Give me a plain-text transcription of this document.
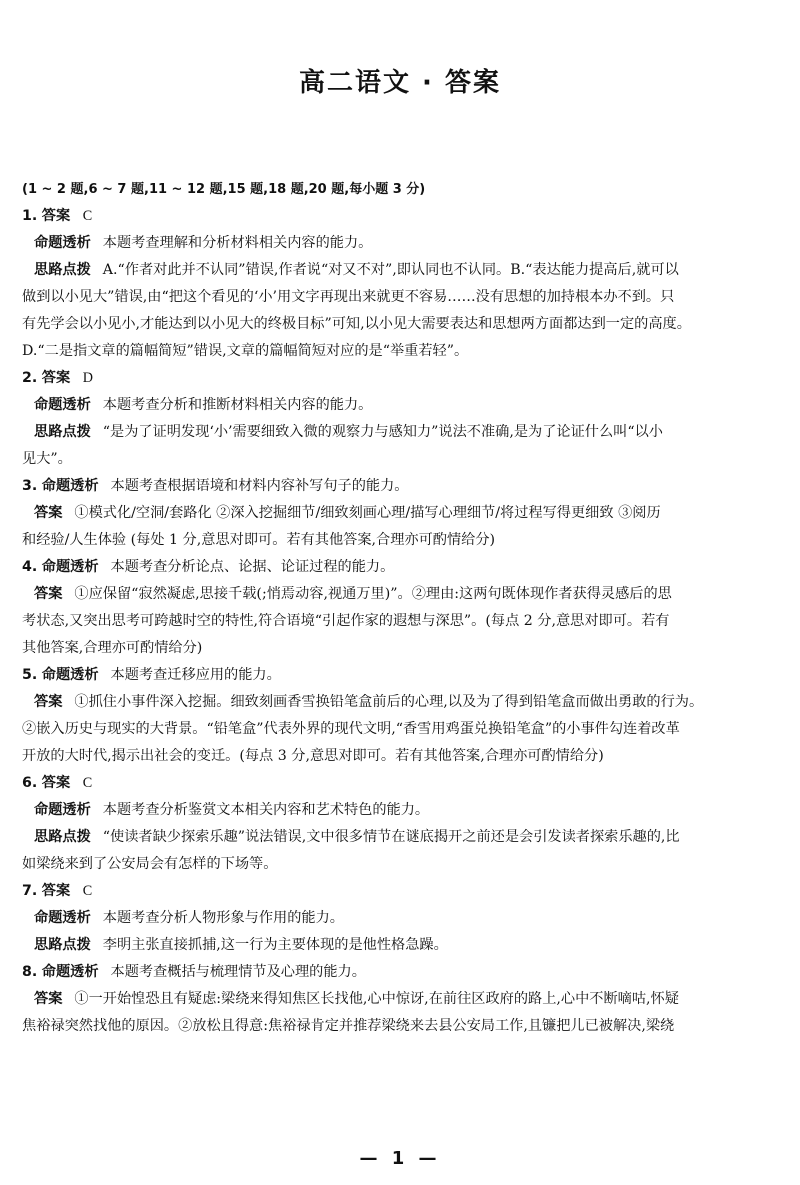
高二语文 · 答案
(1 ~ 2 题,6 ~ 7 题,11 ~ 12 题,15 题,18 题,20 题,每小题 3 分)
1. 答案 C
命题透析 本题考查理解和分析材料相关内容的能力。
思路点拨 A.“作者对此并不认同”错误,作者说“对又不对”,即认同也不认同。B.“表达能力提高后,就可以
做到以小见大”错误,由“把这个看见的‘小’用文字再现出来就更不容易……没有思想的加持根本办不到。只
有先学会以小见小,才能达到以小见大的终极目标”可知,以小见大需要表达和思想两方面都达到一定的高度。
D.“二是指文章的篇幅简短”错误,文章的篇幅简短对应的是“举重若轻”。
2. 答案 D
命题透析 本题考查分析和推断材料相关内容的能力。
思路点拨 “是为了证明发现‘小’需要细致入微的观察力与感知力”说法不准确,是为了论证什么叫“以小
见大”。
3. 命题透析 本题考查根据语境和材料内容补写句子的能力。
答案 ①模式化/空洞/套路化 ②深入挖掘细节/细致刻画心理/描写心理细节/将过程写得更细致 ③阅历
和经验/人生体验 (每处 1 分,意思对即可。若有其他答案,合理亦可酌情给分)
4. 命题透析 本题考查分析论点、论据、论证过程的能力。
答案 ①应保留“寂然凝虑,思接千载(;悄焉动容,视通万里)”。②理由:这两句既体现作者获得灵感后的思
考状态,又突出思考可跨越时空的特性,符合语境“引起作家的遐想与深思”。(每点 2 分,意思对即可。若有
其他答案,合理亦可酌情给分)
5. 命题透析 本题考查迁移应用的能力。
答案 ①抓住小事件深入挖掘。细致刻画香雪换铅笔盒前后的心理,以及为了得到铅笔盒而做出勇敢的行为。
②嵌入历史与现实的大背景。“铅笔盒”代表外界的现代文明,“香雪用鸡蛋兑换铅笔盒”的小事件勾连着改革
开放的大时代,揭示出社会的变迁。(每点 3 分,意思对即可。若有其他答案,合理亦可酌情给分)
6. 答案 C
命题透析 本题考查分析鉴赏文本相关内容和艺术特色的能力。
思路点拨 “使读者缺少探索乐趣”说法错误,文中很多情节在谜底揭开之前还是会引发读者探索乐趣的,比
如梁绕来到了公安局会有怎样的下场等。
7. 答案 C
命题透析 本题考查分析人物形象与作用的能力。
思路点拨 李明主张直接抓捕,这一行为主要体现的是他性格急躁。
8. 命题透析 本题考查概括与梳理情节及心理的能力。
答案 ①一开始惶恐且有疑虑:梁绕来得知焦区长找他,心中惊讶,在前往区政府的路上,心中不断嘀咕,怀疑
焦裕禄突然找他的原因。②放松且得意:焦裕禄肯定并推荐梁绕来去县公安局工作,且镰把儿已被解决,梁绕
— 1 —
